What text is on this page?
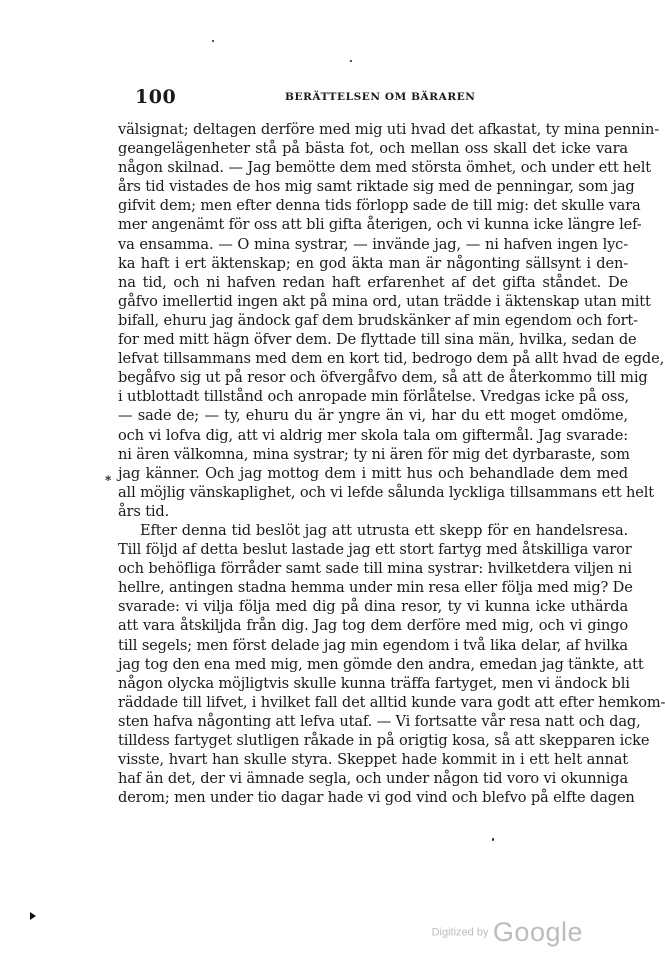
100	BERÄTTELSEN OM BÄRAREN
⁎
välsignat; deltagen derföre med mig uti hvad det afkastat, ty mina pennin-
geangelägenheter stå på bästa fot, och mellan oss skall det icke vara
någon skilnad. — Jag bemötte dem med största ömhet, och under ett helt
års tid vistades de hos mig samt riktade sig med de penningar, som jag
gifvit dem; men efter denna tids förlopp sade de till mig: det skulle vara
mer angenämt för oss att bli gifta återigen, och vi kunna icke längre lef-
va ensamma. — O mina systrar, — invände jag, — ni hafven ingen lyc-
ka haft i ert äktenskap; en god äkta man är någonting sällsynt i den-
na tid, och ni hafven redan haft erfarenhet af det gifta ståndet. De
gåfvo imellertid ingen akt på mina ord, utan trädde i äktenskap utan mitt
bifall, ehuru jag ändock gaf dem brudskänker af min egendom och fort-
for med mitt hägn öfver dem. De flyttade till sina män, hvilka, sedan de
lefvat tillsammans med dem en kort tid, bedrogo dem på allt hvad de egde,
begåfvo sig ut på resor och öfvergåfvo dem, så att de återkommo till mig
i utblottadt tillstånd och anropade min förlåtelse. Vredgas icke på oss,
— sade de; — ty, ehuru du är yngre än vi, har du ett moget omdöme,
och vi lofva dig, att vi aldrig mer skola tala om giftermål. Jag svarade:
ni ären välkomna, mina systrar; ty ni ären för mig det dyrbaraste, som
jag känner. Och jag mottog dem i mitt hus och behandlade dem med
all möjlig vänskaplighet, och vi lefde sålunda lyckliga tillsammans ett helt
års tid.
Efter denna tid beslöt jag att utrusta ett skepp för en handelsresa.
Till följd af detta beslut lastade jag ett stort fartyg med åtskilliga varor
och behöfliga förråder samt sade till mina systrar: hvilketdera viljen ni
hellre, antingen stadna hemma under min resa eller följa med mig? De
svarade: vi vilja följa med dig på dina resor, ty vi kunna icke uthärda
att vara åtskiljda från dig. Jag tog dem derföre med mig, och vi gingo
till segels; men först delade jag min egendom i två lika delar, af hvilka
jag tog den ena med mig, men gömde den andra, emedan jag tänkte, att
någon olycka möjligtvis skulle kunna träffa fartyget, men vi ändock bli
räddade till lifvet, i hvilket fall det alltid kunde vara godt att efter hemkom-
sten hafva någonting att lefva utaf. — Vi fortsatte vår resa natt och dag,
tilldess fartyget slutligen råkade in på origtig kosa, så att skepparen icke
visste, hvart han skulle styra. Skeppet hade kommit in i ett helt annat
haf än det, der vi ämnade segla, och under någon tid voro vi okunniga
derom; men under tio dagar hade vi god vind och blefvo på elfte dagen
Digitized by Google
